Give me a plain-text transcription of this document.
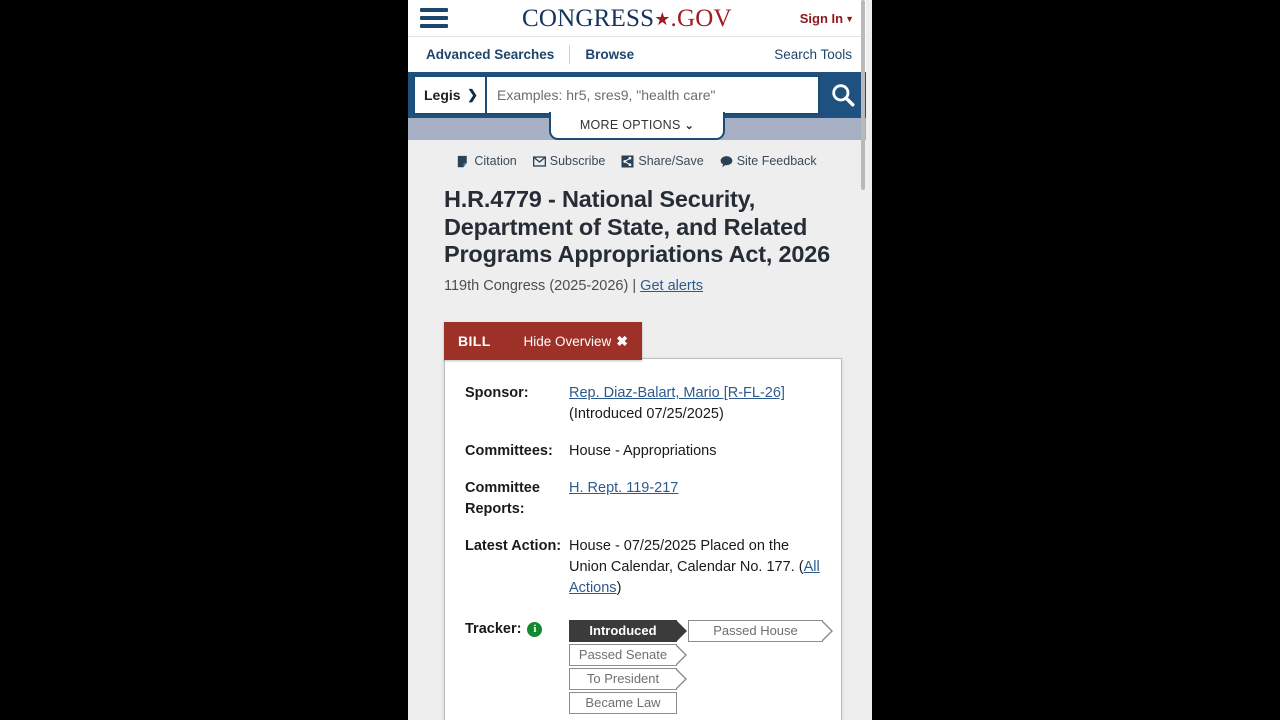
CONGRESS★.GOV	Sign In ▼
Advanced Searches Browse	Search Tools
Legis ❯
Examples: hr5, sres9, "health care"
MORE OPTIONS ⌄
Citation	Subscribe	Share/Save	Site Feedback
H.R.4779 - National Security, Department of State, and Related Programs Appropriations Act, 2026
119th Congress (2025-2026) | Get alerts
BILL Hide Overview ✖
Sponsor:	Rep. Diaz-Balart, Mario [R-FL-26]
(Introduced 07/25/2025)
Committees:	House - Appropriations
Committee Reports:
H. Rept. 119-217
Latest Action: House - 07/25/2025 Placed on the Union Calendar, Calendar No. 177. (All Actions)
Tracker:	i	Introduced	Passed House
Passed Senate
To President
Became Law
